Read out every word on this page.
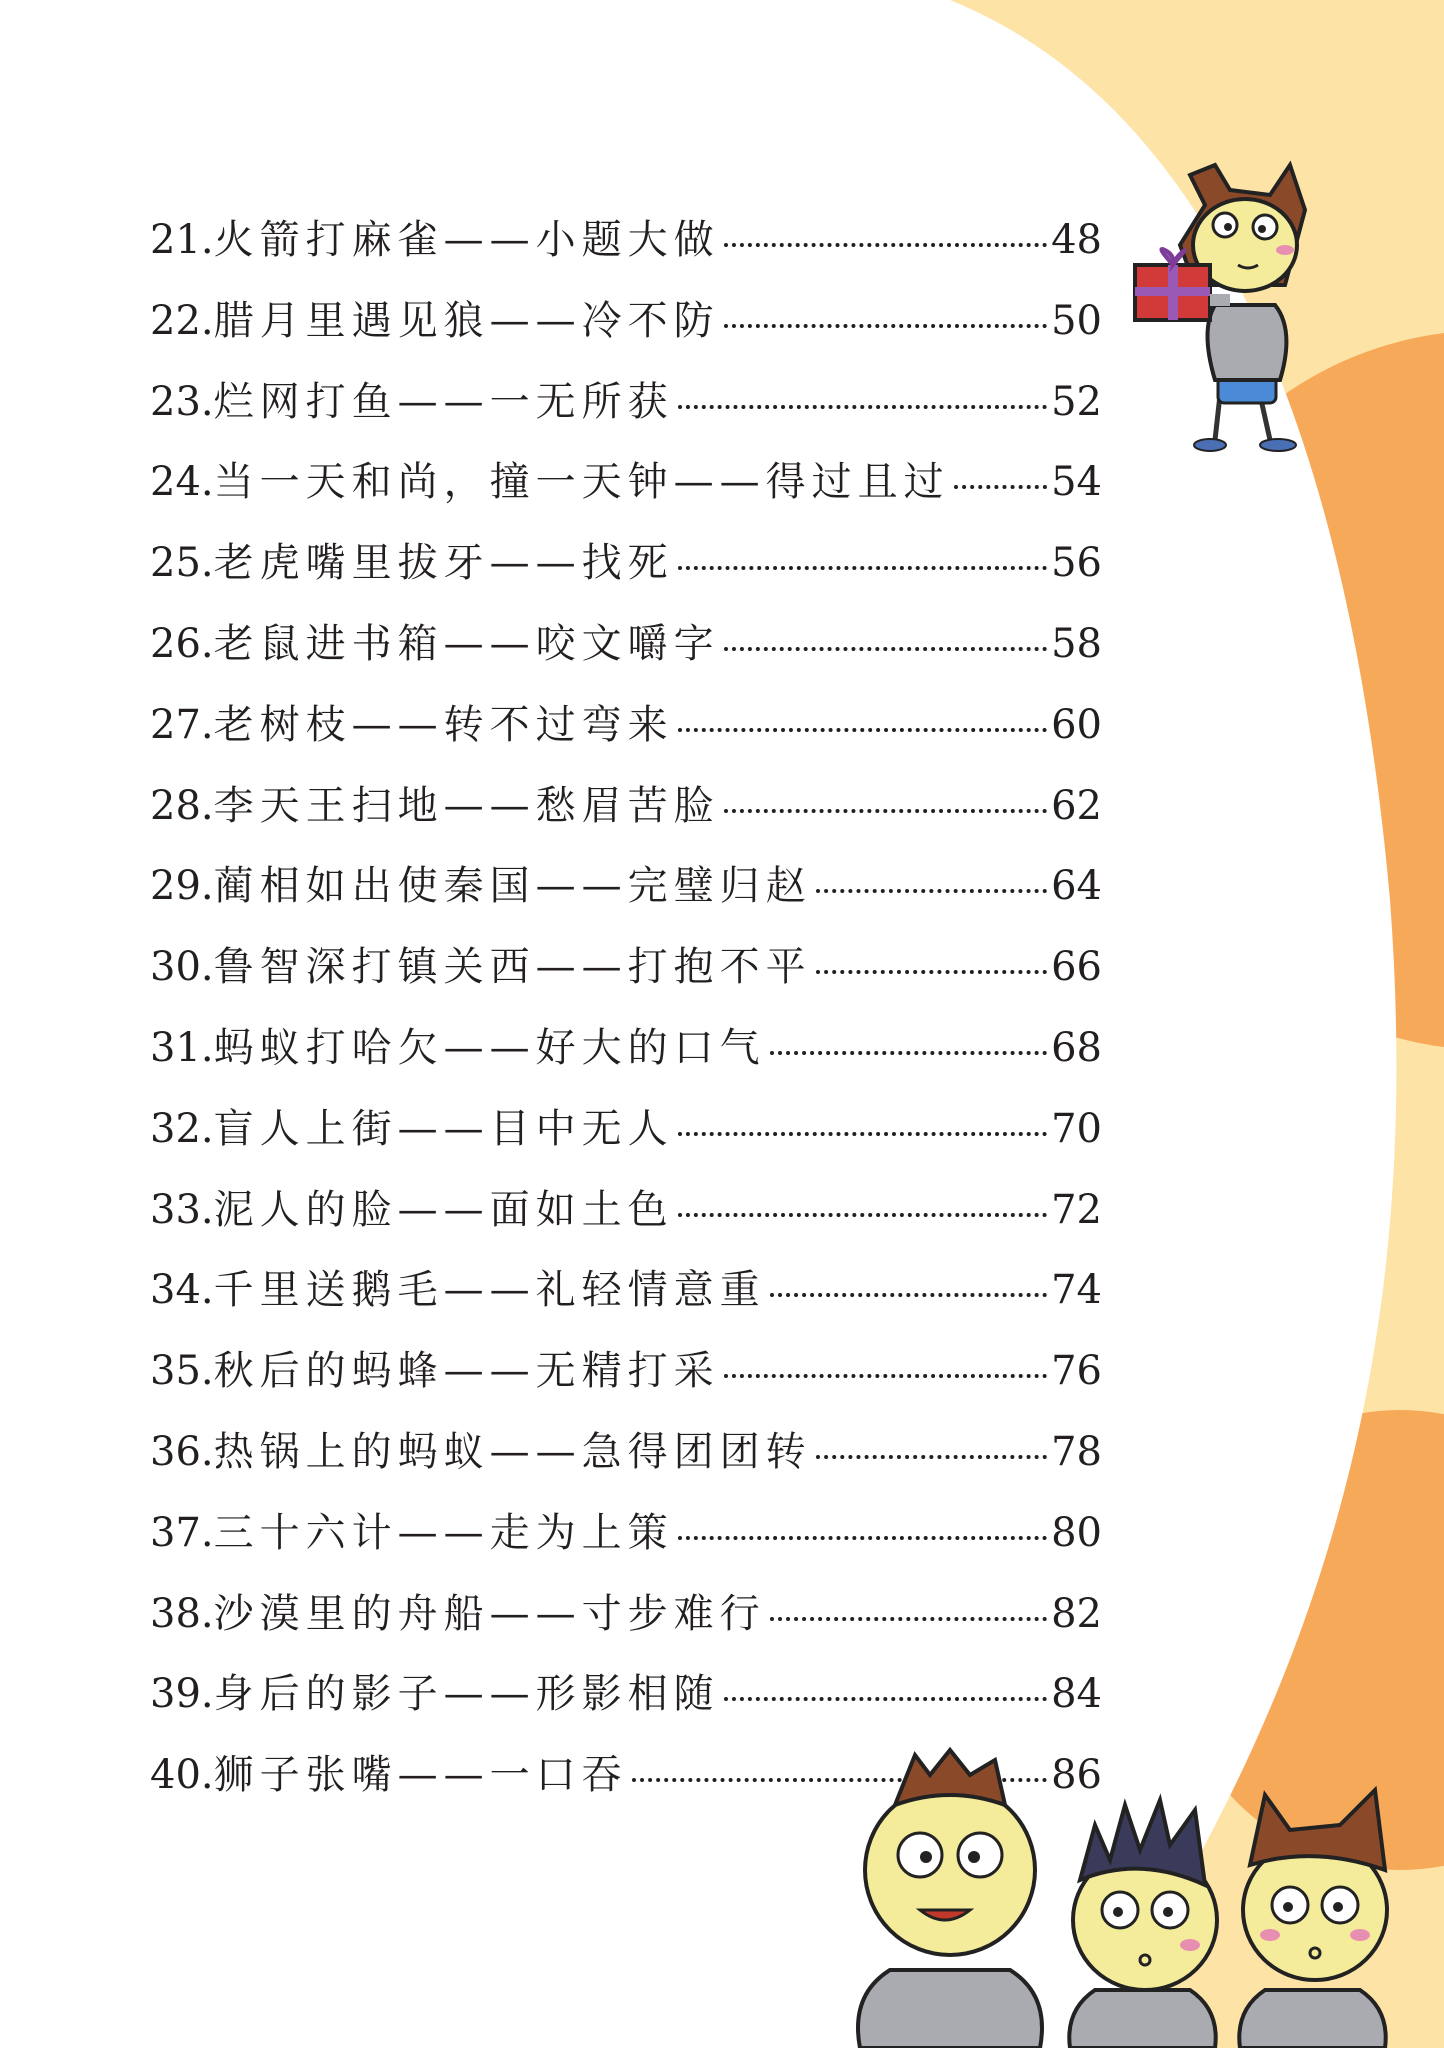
21. 火箭打麻雀——小题大做	48
22. 腊月里遇见狼——冷不防	50
23. 烂网打鱼——一无所获	52
24. 当一天和尚，撞一天钟——得过且过	54
25. 老虎嘴里拔牙——找死	56
26. 老鼠进书箱——咬文嚼字	58
27. 老树枝——转不过弯来	60
28. 李天王扫地——愁眉苦脸	62
29. 蔺相如出使秦国——完璧归赵	64
30. 鲁智深打镇关西——打抱不平	66
31. 蚂蚁打哈欠——好大的口气	68
32. 盲人上街——目中无人	70
33. 泥人的脸——面如土色	72
34. 千里送鹅毛——礼轻情意重	74
35. 秋后的蚂蜂——无精打采	76
36. 热锅上的蚂蚁——急得团团转	78
37. 三十六计——走为上策	80
38. 沙漠里的舟船——寸步难行	82
39. 身后的影子——形影相随	84
40. 狮子张嘴——一口吞	86
